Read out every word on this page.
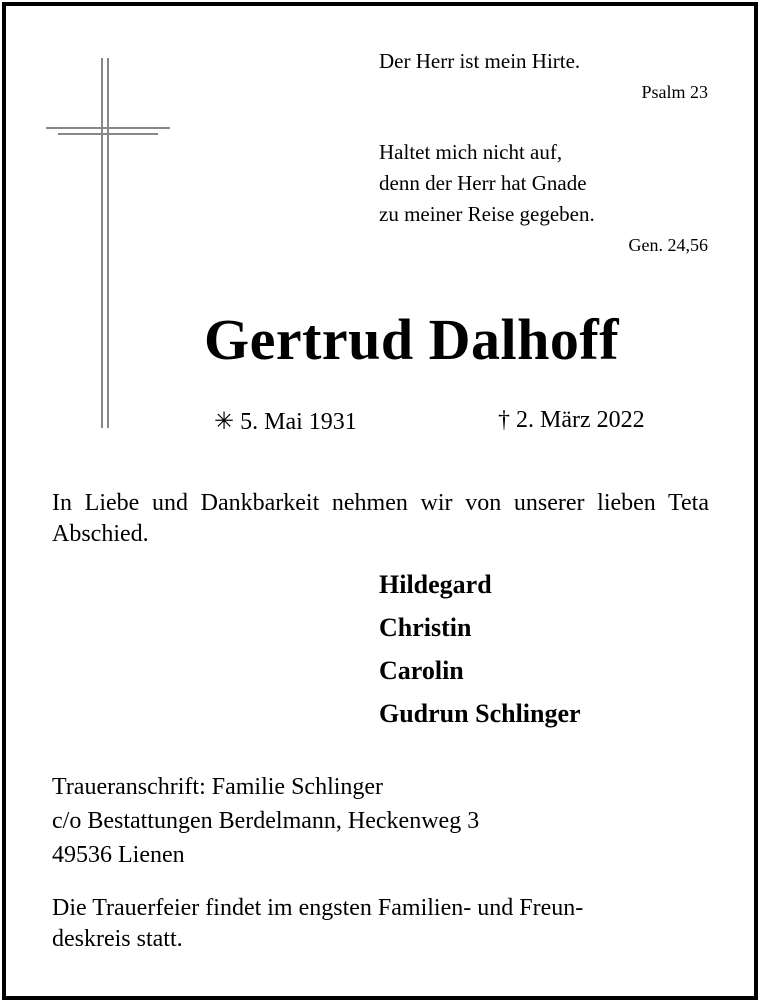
Der Herr ist mein Hirte.
Psalm 23
Haltet mich nicht auf,
denn der Herr hat Gnade
zu meiner Reise gegeben.
Gen. 24,56
Gertrud Dalhoff
✳ 5. Mai 1931	† 2. März 2022
In Liebe und Dankbarkeit nehmen wir von unserer lieben Teta Abschied.
Hildegard
Christin
Carolin
Gudrun Schlinger
Traueranschrift: Familie Schlinger
c/o Bestattungen Berdelmann, Heckenweg 3
49536 Lienen
Die Trauerfeier findet im engsten Familien- und Freun-
deskreis statt.
